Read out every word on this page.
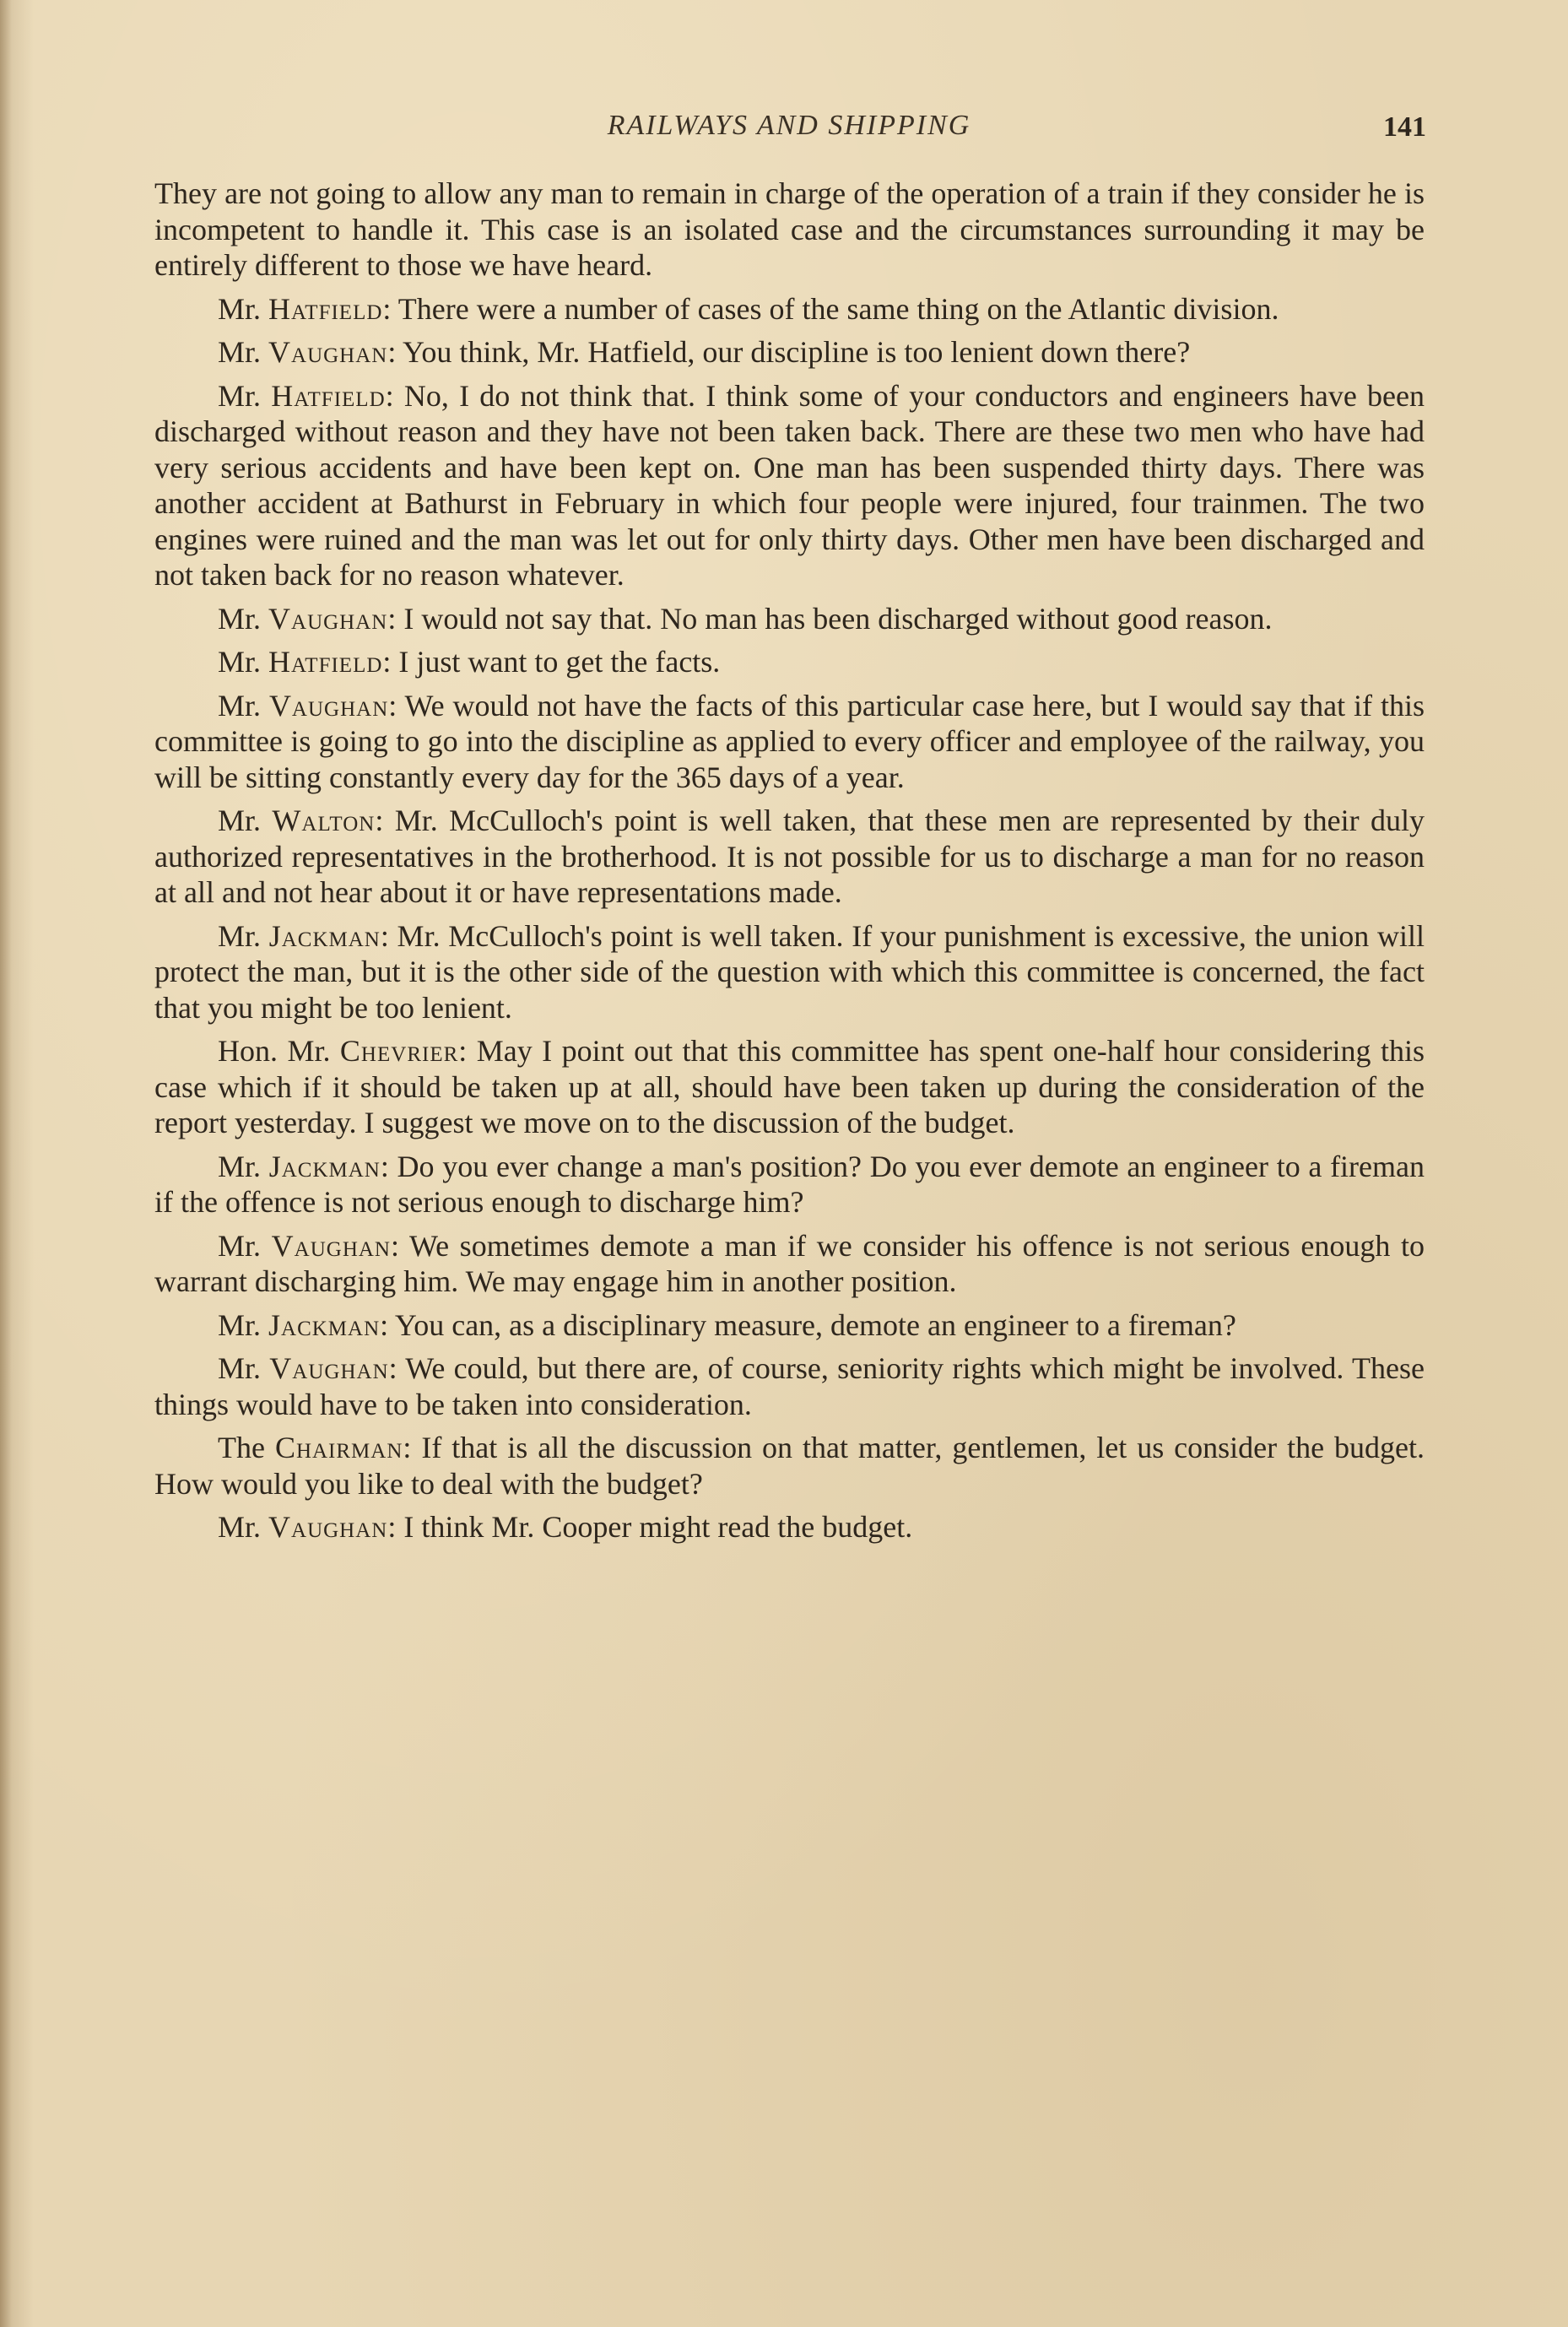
RAILWAYS AND SHIPPING	141

They are not going to allow any man to remain in charge of the operation of a train if they consider he is incompetent to handle it. This case is an isolated case and the circumstances surrounding it may be entirely different to those we have heard.

Mr. Hatfield: There were a number of cases of the same thing on the Atlantic division.

Mr. Vaughan: You think, Mr. Hatfield, our discipline is too lenient down there?

Mr. Hatfield: No, I do not think that. I think some of your conductors and engineers have been discharged without reason and they have not been taken back. There are these two men who have had very serious accidents and have been kept on. One man has been suspended thirty days. There was another accident at Bathurst in February in which four people were injured, four trainmen. The two engines were ruined and the man was let out for only thirty days. Other men have been discharged and not taken back for no reason whatever.

Mr. Vaughan: I would not say that. No man has been discharged without good reason.

Mr. Hatfield: I just want to get the facts.

Mr. Vaughan: We would not have the facts of this particular case here, but I would say that if this committee is going to go into the discipline as applied to every officer and employee of the railway, you will be sitting constantly every day for the 365 days of a year.

Mr. Walton: Mr. McCulloch's point is well taken, that these men are represented by their duly authorized representatives in the brotherhood. It is not possible for us to discharge a man for no reason at all and not hear about it or have representations made.

Mr. Jackman: Mr. McCulloch's point is well taken. If your punishment is excessive, the union will protect the man, but it is the other side of the question with which this committee is concerned, the fact that you might be too lenient.

Hon. Mr. Chevrier: May I point out that this committee has spent one-half hour considering this case which if it should be taken up at all, should have been taken up during the consideration of the report yesterday. I suggest we move on to the discussion of the budget.

Mr. Jackman: Do you ever change a man's position? Do you ever demote an engineer to a fireman if the offence is not serious enough to discharge him?

Mr. Vaughan: We sometimes demote a man if we consider his offence is not serious enough to warrant discharging him. We may engage him in another position.

Mr. Jackman: You can, as a disciplinary measure, demote an engineer to a fireman?

Mr. Vaughan: We could, but there are, of course, seniority rights which might be involved. These things would have to be taken into consideration.

The Chairman: If that is all the discussion on that matter, gentlemen, let us consider the budget. How would you like to deal with the budget?

Mr. Vaughan: I think Mr. Cooper might read the budget.
